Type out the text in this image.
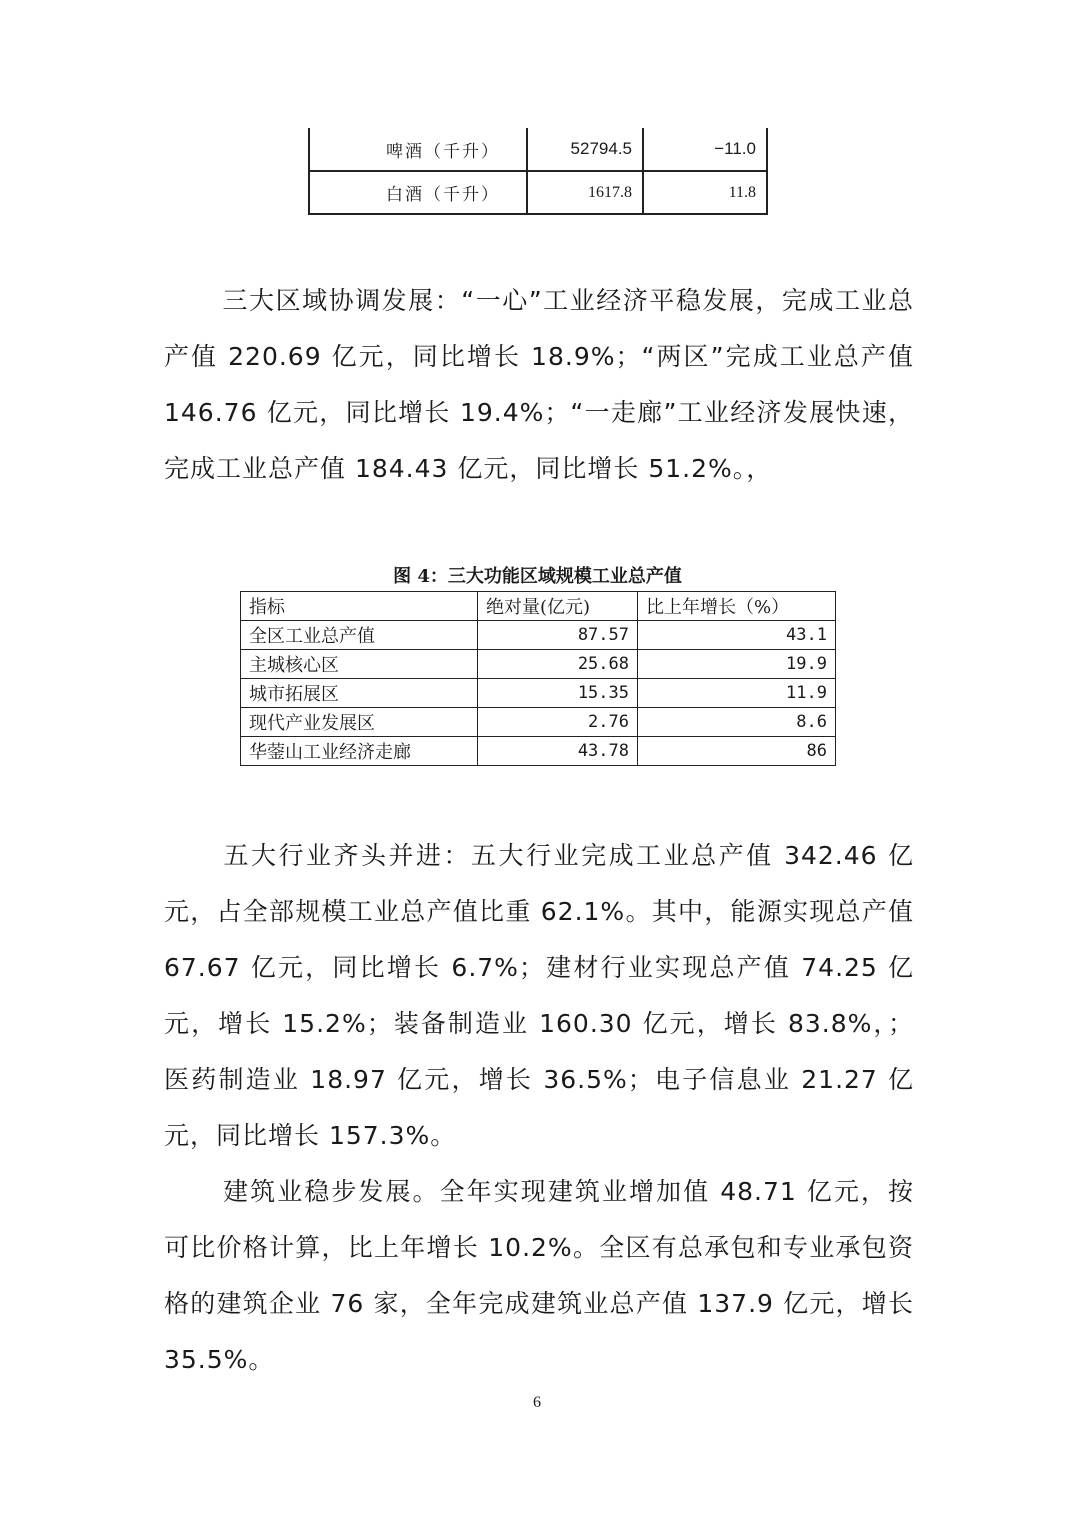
啤酒（千升）	52794.5	−11.0
白酒（千升）	1617.8	11.8

三大区域协调发展：“一心”工业经济平稳发展，完成工业总产值 220.69 亿元，同比增长 18.9%；“两区”完成工业总产值 146.76 亿元，同比增长 19.4%；“一走廊”工业经济发展快速，完成工业总产值 184.43 亿元，同比增长 51.2%。，

图 4：三大功能区域规模工业总产值
指标	绝对量(亿元)	比上年增长（%）
全区工业总产值	87.57	43.1
主城核心区	25.68	19.9
城市拓展区	15.35	11.9
现代产业发展区	2.76	8.6
华蓥山工业经济走廊	43.78	86

五大行业齐头并进：五大行业完成工业总产值 342.46 亿元，占全部规模工业总产值比重 62.1%。其中，能源实现总产值 67.67 亿元，同比增长 6.7%；建材行业实现总产值 74.25 亿元，增长 15.2%；装备制造业 160.30 亿元，增长 83.8%，；医药制造业 18.97 亿元，增长 36.5%；电子信息业 21.27 亿元，同比增长 157.3%。

建筑业稳步发展。全年实现建筑业增加值 48.71 亿元，按可比价格计算，比上年增长 10.2%。全区有总承包和专业承包资格的建筑企业 76 家，全年完成建筑业总产值 137.9 亿元，增长 35.5%。

6
